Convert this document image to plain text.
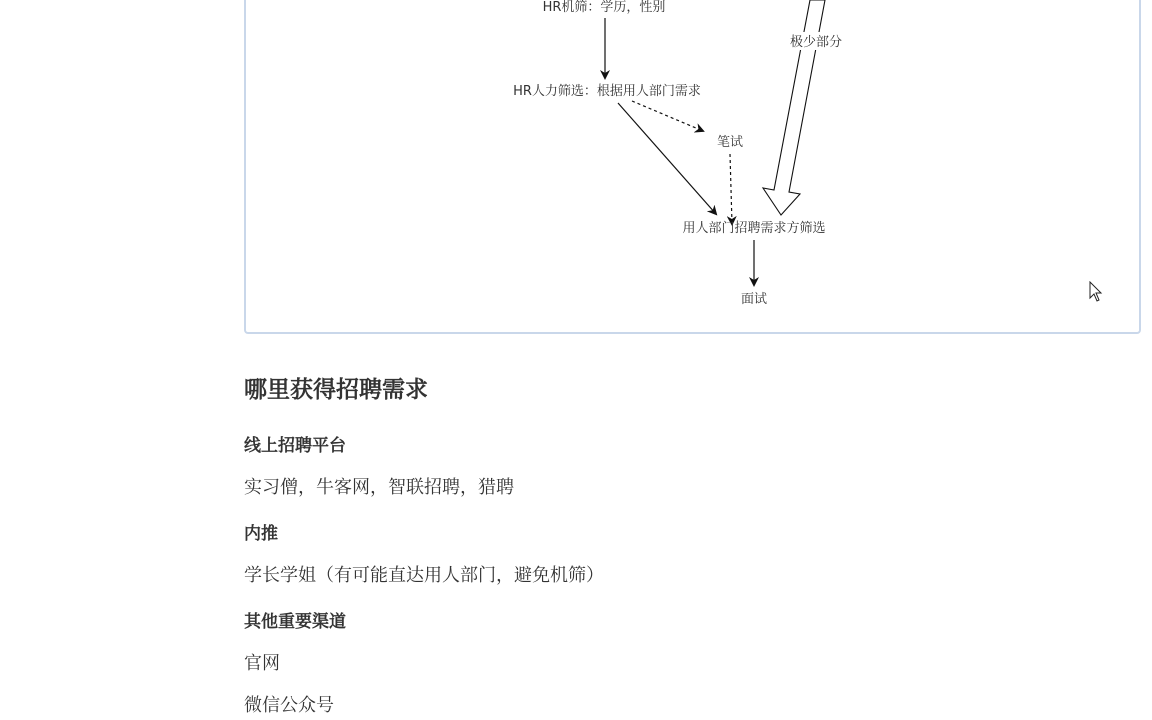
极少部分
HR机筛：学历，性别
HR人力筛选：根据用人部门需求
笔试
用人部门招聘需求方筛选
面试
哪里获得招聘需求
线上招聘平台

实习僧，牛客网，智联招聘，猎聘

内推

学长学姐（有可能直达用人部门，避免机筛）

其他重要渠道

官网

微信公众号
